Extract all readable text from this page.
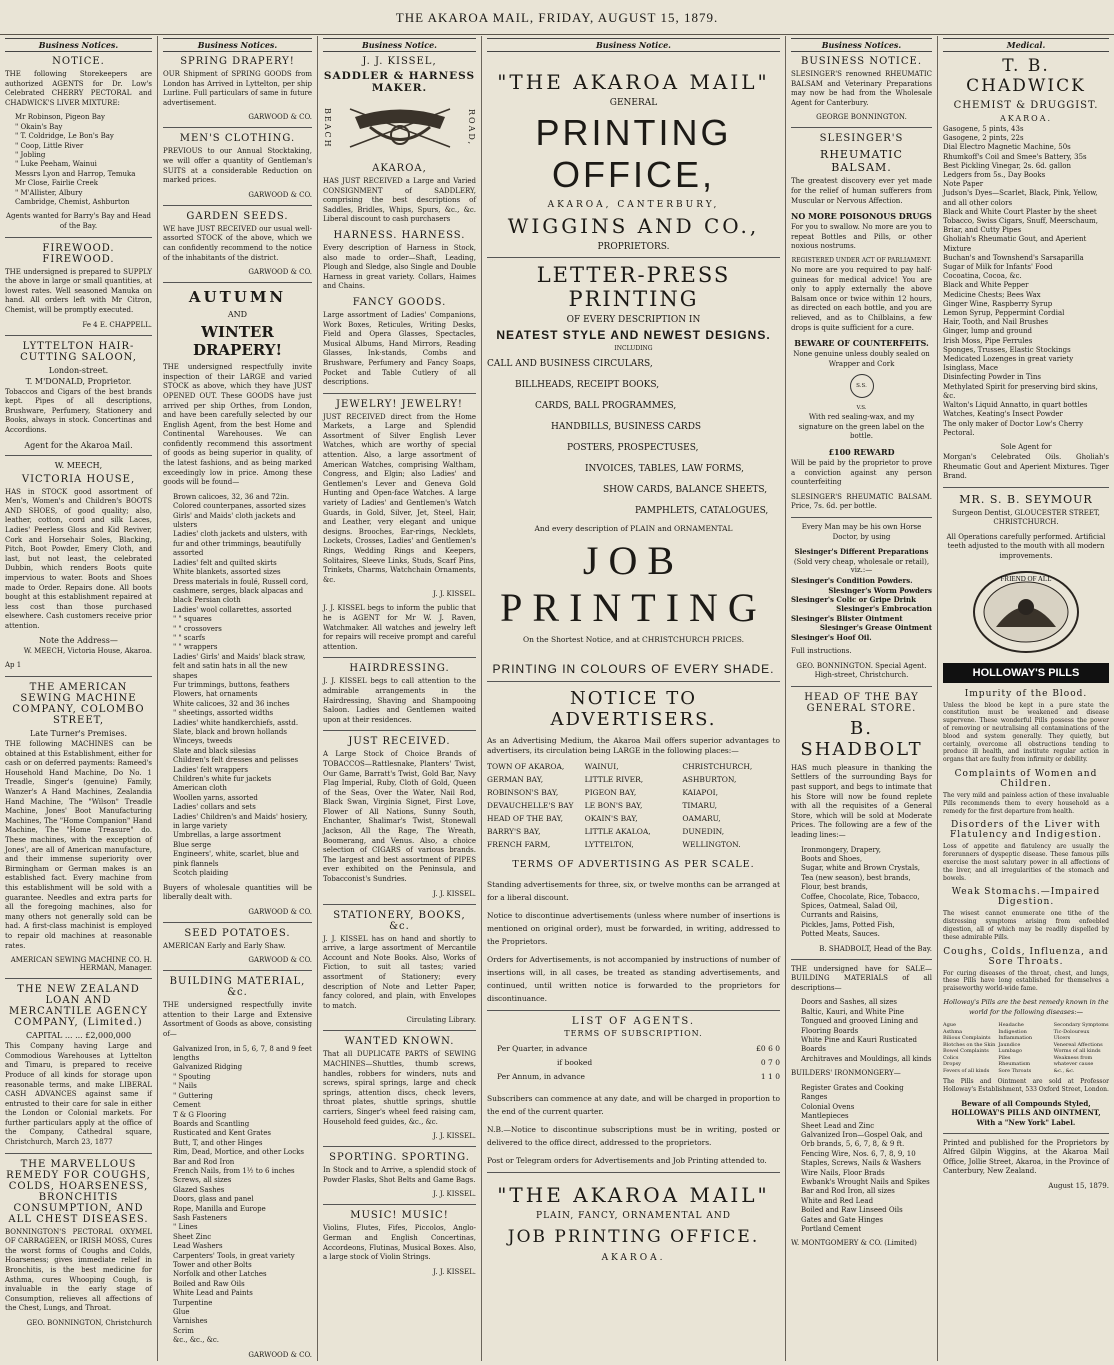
THE AKAROA MAIL, FRIDAY, AUGUST 15, 1879.
Business Notices.
NOTICE.

THE following Storekeepers are authorized AGENTS for Dr. Low's Celebrated CHERRY PECTORAL and CHADWICK'S LIVER MIXTURE:

Mr Robinson, Pigeon Bay
" Okain's Bay
" T. Coldridge, Le Bon's Bay
" Coop, Little River
" Jobling
" Luke Peeham, Wainui
Messrs Lyon and Harrop, Temuka
Mr Close, Fairlie Creek
" M'Allister, Albury
Cambridge, Chemist, Ashburton

Agents wanted for Barry's Bay and Head of the Bay.

FIREWOOD. FIREWOOD.

THE undersigned is prepared to SUPPLY the above in large or small quantities, at lowest rates. Well seasoned Manuka on hand. All orders left with Mr Citron, Chemist, will be promptly executed.

Fe 4 E. CHAPPELL.
LYTTELTON HAIR-CUTTING SALOON,
London-street.
T. M'DONALD, Proprietor.

Tobaccos and Cigars of the best brands kept. Pipes of all descriptions, Brushware, Perfumery, Stationery and Books, always in stock. Concertinas and Accordions.

Agent for the Akaroa Mail.
W. MEECH,
VICTORIA HOUSE,

HAS in STOCK good assortment of Men's, Women's and Children's BOOTS AND SHOES, of good quality; also, leather, cotton, cord and silk Laces, Ladies' Peerless Gloss and Kid Reviver, Cork and Horsehair Soles, Blacking, Pitch, Boot Powder, Emery Cloth, and last, but not least, the celebrated Dubbin, which renders Boots quite impervious to water. Boots and Shoes made to Order. Repairs done. All boots bought at this establishment repaired at less cost than those purchased elsewhere. Cash customers receive prior attention.

Note the Address—
W. MEECH, Victoria House, Akaroa.
Ap 1
THE AMERICAN SEWING MACHINE COMPANY, COLOMBO STREET,
Late Turner's Premises.

THE following MACHINES can be obtained at this Establishment, either for cash or on deferred payments: Rameed's Household Hand Machine, Do No. 1 Treadle, Singer's (genuine) Family, Wanzer's A Hand Machines, Zealandia Hand Machine, The "Wilson" Treadle Machine, Jones' Boot Manufacturing Machines, The "Home Companion" Hand Machine, The "Home Treasure" do. These machines, with the exception of Jones', are all of American manufacture, and their immense superiority over Birmingham or German makes is an established fact. Every machine from this establishment will be sold with a guarantee. Needles and extra parts for all the foregoing machines, also for many others not generally sold can be had. A first-class machinist is employed to repair old machines at reasonable rates.

AMERICAN SEWING MACHINE CO. H. HERMAN, Manager.
THE NEW ZEALAND LOAN AND MERCANTILE AGENCY COMPANY, (Limited.)
CAPITAL ... ... £2,000,000

This Company having Large and Commodious Warehouses at Lyttelton and Timaru, is prepared to receive Produce of all kinds for storage upon reasonable terms, and make LIBERAL CASH ADVANCES against same if entrusted to their care for sale in either the London or Colonial markets. For further particulars apply at the office of the Company, Cathedral square, Christchurch, March 23, 1877

THE MARVELLOUS REMEDY FOR COUGHS, COLDS, HOARSENESS, BRONCHITIS CONSUMPTION, AND ALL CHEST DISEASES.

BONNINGTON'S PECTORAL OXYMEL OF CARRAGEEN, or IRISH MOSS, Cures the worst forms of Coughs and Colds, Hoarseness; gives immediate relief in Bronchitis, is the best medicine for Asthma, cures Whooping Cough, is invaluable in the early stage of Consumption, relieves all affections of the Chest, Lungs, and Throat.

GEO. BONNINGTON, Christchurch
Business Notices.
SPRING DRAPERY!

OUR Shipment of SPRING GOODS from London has Arrived in Lyttelton, per ship Lurline. Full particulars of same in future advertisement.

GARWOOD & CO.
MEN'S CLOTHING.

PREVIOUS to our Annual Stocktaking, we will offer a quantity of Gentleman's SUITS at a considerable Reduction on marked prices.

GARWOOD & CO.
GARDEN SEEDS.

WE have JUST RECEIVED our usual well-assorted STOCK of the above, which we can confidently recommend to the notice of the inhabitants of the district.

GARWOOD & CO.
AUTUMN
AND
WINTER DRAPERY!

THE undersigned respectfully invite inspection of their LARGE and varied STOCK as above, which they have JUST OPENED OUT. These GOODS have just arrived per ship Orthes, from London, and have been carefully selected by our English Agent, from the best Home and Continental Warehouses. We can confidently recommend this assortment of goods as being superior in quality, of the latest fashions, and as being marked exceedingly low in price. Among these goods will be found—

Brown calicoes, 32, 36 and 72in.
Colored counterpanes, assorted sizes
Girls' and Maids' cloth jackets and ulsters
Ladies' cloth jackets and ulsters, with fur and other trimmings, beautifully assorted
Ladies' felt and quilted skirts
White blankets, assorted sizes
Dress materials in foulé, Russell cord, cashmere, serges, black alpacas and black Persian cloth
Ladies' wool collarettes, assorted
" " squares
" " crossovers
" " scarfs
" " wrappers
Ladies' Girls' and Maids' black straw, felt and satin hats in all the new shapes
Fur trimmings, buttons, feathers
Flowers, hat ornaments
White calicoes, 32 and 36 inches
" sheetings, assorted widths
Ladies' white handkerchiefs, asstd.
Slate, black and brown hollands
Winceys, tweeds
Slate and black silesias
Children's felt dresses and pelisses
Ladies' felt wrappers
Children's white fur jackets
American cloth
Woollen yarns, assorted
Ladies' collars and sets
Ladies' Children's and Maids' hosiery, in large variety
Umbrellas, a large assortment
Blue serge
Engineers', white, scarlet, blue and pink flannels
Scotch plaiding

Buyers of wholesale quantities will be liberally dealt with.

GARWOOD & CO.
SEED POTATOES.

AMERICAN Early and Early Shaw.

GARWOOD & CO.
BUILDING MATERIAL, &c.

THE undersigned respectfully invite attention to their Large and Extensive Assortment of Goods as above, consisting of—

Galvanized Iron, in 5, 6, 7, 8 and 9 feet lengths
Galvanized Ridging
" Spouting
" Nails
" Guttering
Cement
T & G Flooring
Boards and Scantling
Rusticated and Kent Grates
Butt, T, and other Hinges
Rim, Dead, Mortice, and other Locks
Bar and Rod Iron
French Nails, from 1½ to 6 inches
Screws, all sizes
Glazed Sashes
Doors, glass and panel
Rope, Manilla and Europe
Sash Fasteners
" Lines
Sheet Zinc
Lead Washers
Carpenters' Tools, in great variety
Tower and other Bolts
Norfolk and other Latches
Boiled and Raw Oils
White Lead and Paints
Turpentine
Glue
Varnishes
Scrim
&c., &c., &c.
GARWOOD & CO.
Business Notice.
J. J. KISSEL,
SADDLER & HARNESS MAKER.
BEACH	ROAD,
AKAROA,

HAS JUST RECEIVED a Large and Varied CONSIGNMENT of SADDLERY, comprising the best descriptions of Saddles, Bridles, Whips, Spurs, &c., &c. Liberal discount to cash purchasers

HARNESS. HARNESS.

Every description of Harness in Stock, also made to order—Shaft, Leading, Plough and Sledge, also Single and Double Harness in great variety. Collars, Haimes and Chains.

FANCY GOODS.

Large assortment of Ladies' Companions, Work Boxes, Reticules, Writing Desks, Field and Opera Glasses, Spectacles, Musical Albums, Hand Mirrors, Reading Glasses, Ink-stands, Combs and Brushware, Perfumery and Fancy Soaps, Pocket and Table Cutlery of all descriptions.

JEWELRY! JEWELRY!

JUST RECEIVED direct from the Home Markets, a Large and Splendid Assortment of Silver English Lever Watches, which are worthy of special attention. Also, a large assortment of American Watches, comprising Waltham, Congress, and Elgin; also Ladies' and Gentlemen's Lever and Geneva Gold Hunting and Open-face Watches. A large variety of Ladies' and Gentlemen's Watch Guards, in Gold, Silver, Jet, Steel, Hair, and Leather, very elegant and unique designs. Brooches, Ear-rings, Necklets, Lockets, Crosses, Ladies' and Gentlemen's Rings, Wedding Rings and Keepers, Solitaires, Sleeve Links, Studs, Scarf Pins, Trinkets, Charms, Watchchain Ornaments, &c.

J. J. KISSEL.

J. J. KISSEL begs to inform the public that he is AGENT for Mr W. J. Raven, Watchmaker. All watches and jewelry left for repairs will receive prompt and careful attention.

HAIRDRESSING.

J. J. KISSEL begs to call attention to the admirable arrangements in the Hairdressing, Shaving and Shampooing Saloon. Ladies and Gentlemen waited upon at their residences.

JUST RECEIVED.

A Large Stock of Choice Brands of TOBACCOS—Rattlesnake, Planters' Twist, Our Game, Barratt's Twist, Gold Bar, Navy Flag Imperial, Ruby, Cloth of Gold, Queen of the Seas, Over the Water, Nail Rod, Black Swan, Virginia Signet, First Love, Flower of All Nations, Sunny South, Enchanter, Shalimar's Twist, Stonewall Jackson, All the Rage, The Wreath, Boomerang, and Venus. Also, a choice selection of CIGARS of various brands. The largest and best assortment of PIPES ever exhibited on the Peninsula, and Tobacconist's Sundries.

J. J. KISSEL.
STATIONERY, BOOKS, &c.

J. J. KISSEL has on hand and shortly to arrive, a large assortment of Mercantile Account and Note Books. Also, Works of Fiction, to suit all tastes; varied assortment of Stationery; every description of Note and Letter Paper, fancy colored, and plain, with Envelopes to match.

Circulating Library.
WANTED KNOWN.

That all DUPLICATE PARTS of SEWING MACHINES—Shuttles, thumb screws, handles, robbers for winders, nuts and screws, spiral springs, large and check springs, attention discs, check levers, throat plates, shuttle springs, shuttle carriers, Singer's wheel feed raising cam, Household feed guides, &c., &c.

J. J. KISSEL.
SPORTING. SPORTING.

In Stock and to Arrive, a splendid stock of Powder Flasks, Shot Belts and Game Bags.

J. J. KISSEL.
MUSIC! MUSIC!

Violins, Flutes, Fifes, Piccolos, Anglo-German and English Concertinas, Accordeons, Flutinas, Musical Boxes. Also, a large stock of Violin Strings.

J. J. KISSEL.
Business Notice.
"THE AKAROA MAIL"
GENERAL
PRINTING OFFICE,
AKAROA, CANTERBURY,
WIGGINS AND CO.,
PROPRIETORS.
LETTER-PRESS PRINTING
OF EVERY DESCRIPTION IN
NEATEST STYLE AND NEWEST DESIGNS.
INCLUDING
CALL AND BUSINESS CIRCULARS,
BILLHEADS, RECEIPT BOOKS,
CARDS, BALL PROGRAMMES,
HANDBILLS, BUSINESS CARDS
POSTERS, PROSPECTUSES,
INVOICES, TABLES, LAW FORMS,
SHOW CARDS, BALANCE SHEETS,
PAMPHLETS, CATALOGUES,
And every description of PLAIN and ORNAMENTAL
JOB PRINTING
On the Shortest Notice, and at CHRISTCHURCH PRICES.
PRINTING IN COLOURS OF EVERY SHADE.
NOTICE TO ADVERTISERS.

As an Advertising Medium, the Akaroa Mail offers superior advantages to advertisers, its circulation being LARGE in the following places:—

TOWN OF AKAROA,	WAINUI,	CHRISTCHURCH,
GERMAN BAY,	LITTLE RIVER,	ASHBURTON,
ROBINSON'S BAY,	PIGEON BAY,	KAIAPOI,
DEVAUCHELLE'S BAY	LE BON'S BAY,	TIMARU,
HEAD OF THE BAY,	OKAIN'S BAY,	OAMARU,
BARRY'S BAY,	LITTLE AKALOA,	DUNEDIN,
FRENCH FARM,	LYTTELTON,	WELLINGTON.
TERMS OF ADVERTISING AS PER SCALE.

Standing advertisements for three, six, or twelve months can be arranged at for a liberal discount.

Notice to discontinue advertisements (unless where number of insertions is mentioned on original order), must be forwarded, in writing, addressed to the Proprietors.

Orders for Advertisements, is not accompanied by instructions of number of insertions will, in all cases, be treated as standing advertisements, and continued, until written notice is forwarded to the proprietors for discontinuance.

LIST OF AGENTS.
TERMS OF SUBSCRIPTION.
Per Quarter, in advance	£0 6 0
if booked	0 7 0
Per Annum, in advance	1 1 0

Subscribers can commence at any date, and will be charged in proportion to the end of the current quarter.

N.B.—Notice to discontinue subscriptions must be in writing, posted or delivered to the office direct, addressed to the proprietors.

Post or Telegram orders for Advertisements and Job Printing attended to.

"THE AKAROA MAIL"
PLAIN, FANCY, ORNAMENTAL AND
JOB PRINTING OFFICE.
AKAROA.
Business Notices.
BUSINESS NOTICE.

SLESINGER'S renowned RHEUMATIC BALSAM and Veterinary Preparations may now be had from the Wholesale Agent for Canterbury.

GEORGE BONNINGTON.
SLESINGER'S
RHEUMATIC BALSAM.

The greatest discovery ever yet made for the relief of human sufferers from Muscular or Nervous Affection.

NO MORE POISONOUS DRUGS

For you to swallow. No more are you to repeat Bottles and Pills, or other noxious nostrums.

REGISTERED UNDER ACT OF PARLIAMENT.

No more are you required to pay half-guineas for medical advice! You are only to apply externally the above Balsam once or twice within 12 hours, as directed on each bottle, and you are relieved, and as to Chilblains, a few drops is quite sufficient for a cure.

BEWARE OF COUNTERFEITS.

None genuine unless doubly sealed on Wrapper and Cork

S.S. V.S.

With red sealing-wax, and my signature on the green label on the bottle.

£100 REWARD

Will be paid by the proprietor to prove a conviction against any person counterfeiting

SLESINGER'S RHEUMATIC BALSAM. Price, 7s. 6d. per bottle.

Every Man may be his own Horse Doctor, by using

Slesinger's Different Preparations
(Sold very cheap, wholesale or retail), viz.:—
Slesinger's Condition Powders.
Slesinger's Worm Powders
Slesinger's Colic or Gripe Drink
Slesinger's Embrocation
Slesinger's Blister Ointment
Slesinger's Grease Ointment
Slesinger's Hoof Oil.

Full instructions.

GEO. BONNINGTON. Special Agent. High-street, Christchurch.

HEAD OF THE BAY GENERAL STORE.
B. SHADBOLT

HAS much pleasure in thanking the Settlers of the surrounding Bays for past support, and begs to intimate that his Store will now be found replete with all the requisites of a General Store, which will be sold at Moderate Prices. The following are a few of the leading lines:—

Ironmongery, Drapery,
Boots and Shoes,
Sugar, white and Brown Crystals,
Tea (new season), best brands,
Flour, best brands,
Coffee, Chocolate, Rice, Tobacco,
Spices, Oatmeal, Salad Oil,
Currants and Raisins,
Pickles, Jams, Potted Fish,
Potted Meats, Sauces.
B. SHADBOLT, Head of the Bay.

THE undersigned have for SALE—BUILDING MATERIALS of all descriptions—

Doors and Sashes, all sizes
Baltic, Kauri, and White Pine
Tongued and grooved Lining and Flooring Boards
White Pine and Kauri Rusticated Boards
Architraves and Mouldings, all kinds
BUILDERS' IRONMONGERY—
Register Grates and Cooking Ranges
Colonial Ovens
Mantlepieces
Sheet Lead and Zinc
Galvanized Iron—Gospel Oak, and Orb brands, 5, 6, 7, 8, & 9 ft.
Fencing Wire, Nos. 6, 7, 8, 9, 10
Staples, Screws, Nails & Washers
Wire Nails, Floor Brads
Ewbank's Wrought Nails and Spikes
Bar and Rod Iron, all sizes
White and Red Lead
Boiled and Raw Linseed Oils
Gates and Gate Hinges
Portland Cement
W. MONTGOMERY & CO. (Limited)
Medical.
T. B. CHADWICK
CHEMIST & DRUGGIST.
AKAROA.
Gasogene, 5 pints, 43s
Gasogene, 2 pints, 22s
Dial Electro Magnetic Machine, 50s
Rhumkoff's Coil and Smee's Battery, 35s
Best Pickling Vinegar, 2s. 6d. gallon
Ledgers from 5s., Day Books
Note Paper
Judson's Dyes—Scarlet, Black, Pink, Yellow, and all other colors
Black and White Court Plaster by the sheet
Tobacco, Swiss Cigars, Snuff, Meerschaum, Briar, and Cutty Pipes
Gholiah's Rheumatic Gout, and Aperient Mixture
Buchan's and Townshend's Sarsaparilla
Sugar of Milk for Infants' Food
Cocoatina, Cocoa, &c.
Black and White Pepper
Medicine Chests; Bees Wax
Ginger Wine, Raspberry Syrup
Lemon Syrup, Peppermint Cordial
Hair, Tooth, and Nail Brushes
Ginger, lump and ground
Irish Moss, Pipe Ferrules
Sponges, Trusses, Elastic Stockings
Medicated Lozenges in great variety
Isinglass, Mace
Disinfecting Powder in Tins
Methylated Spirit for preserving bird skins, &c.
Walton's Liquid Annatto, in quart bottles
Watches, Keating's Insect Powder
The only maker of Doctor Low's Cherry Pectoral.
Sole Agent for

Morgan's Celebrated Oils. Gholiah's Rheumatic Gout and Aperient Mixtures. Tiger Brand.

MR. S. B. SEYMOUR

Surgeon Dentist, GLOUCESTER STREET, CHRISTCHURCH.

All Operations carefully performed. Artificial teeth adjusted to the mouth with all modern improvements.

FRIEND OF ALL
HOLLOWAY'S PILLS
Impurity of the Blood.

Unless the blood be kept in a pure state the constitution must be weakened and disease supervene. These wonderful Pills possess the power of removing or neutralising all contaminations of the blood and system generally. They quietly, but certainly, overcome all obstructions tending to produce ill health, and institute regular action in organs that are faulty from infirmity or debility.

Complaints of Women and Children.

The very mild and painless action of these invaluable Pills recommends them to every household as a remedy for the first departure from health.

Disorders of the Liver with Flatulency and Indigestion.

Loss of appetite and flatulency are usually the forerunners of dyspeptic disease. These famous pills exercise the most salutary power in all affections of the liver, and all irregularities of the stomach and bowels.

Weak Stomachs.—Impaired Digestion.

The wisest cannot enumerate one tithe of the distressing symptoms arising from enfeebled digestion, all of which may be readily dispelled by these admirable Pills.

Coughs, Colds, Influenza, and Sore Throats.

For curing diseases of the throat, chest, and lungs, these Pills have long established for themselves a praiseworthy world-wide fame.

Holloway's Pills are the best remedy known in the world for the following diseases:—

Ague	Headache	Secondary Symptoms
Asthma	Indigestion	Tic-Doloureux
Bilious Complaints	Inflammation	Ulcers
Blotches on the Skin Jaundice	Venereal Affections
Bowel Complaints	Lumbago	Worms of all kinds
Colics	Piles	Weakness from
Dropsy	Rheumatism	whatever cause
Fevers of all kinds	Sore Throats	&c., &c.

The Pills and Ointment are sold at Professor Holloway's Establishment, 533 Oxford Street, London.

Beware of all Compounds Styled, HOLLOWAY'S PILLS AND OINTMENT, With a "New York" Label.

Printed and published for the Proprietors by Alfred Gilpin Wiggins, at the Akaroa Mail Office, Jollie Street, Akaroa, in the Province of Canterbury, New Zealand.

August 15, 1879.
